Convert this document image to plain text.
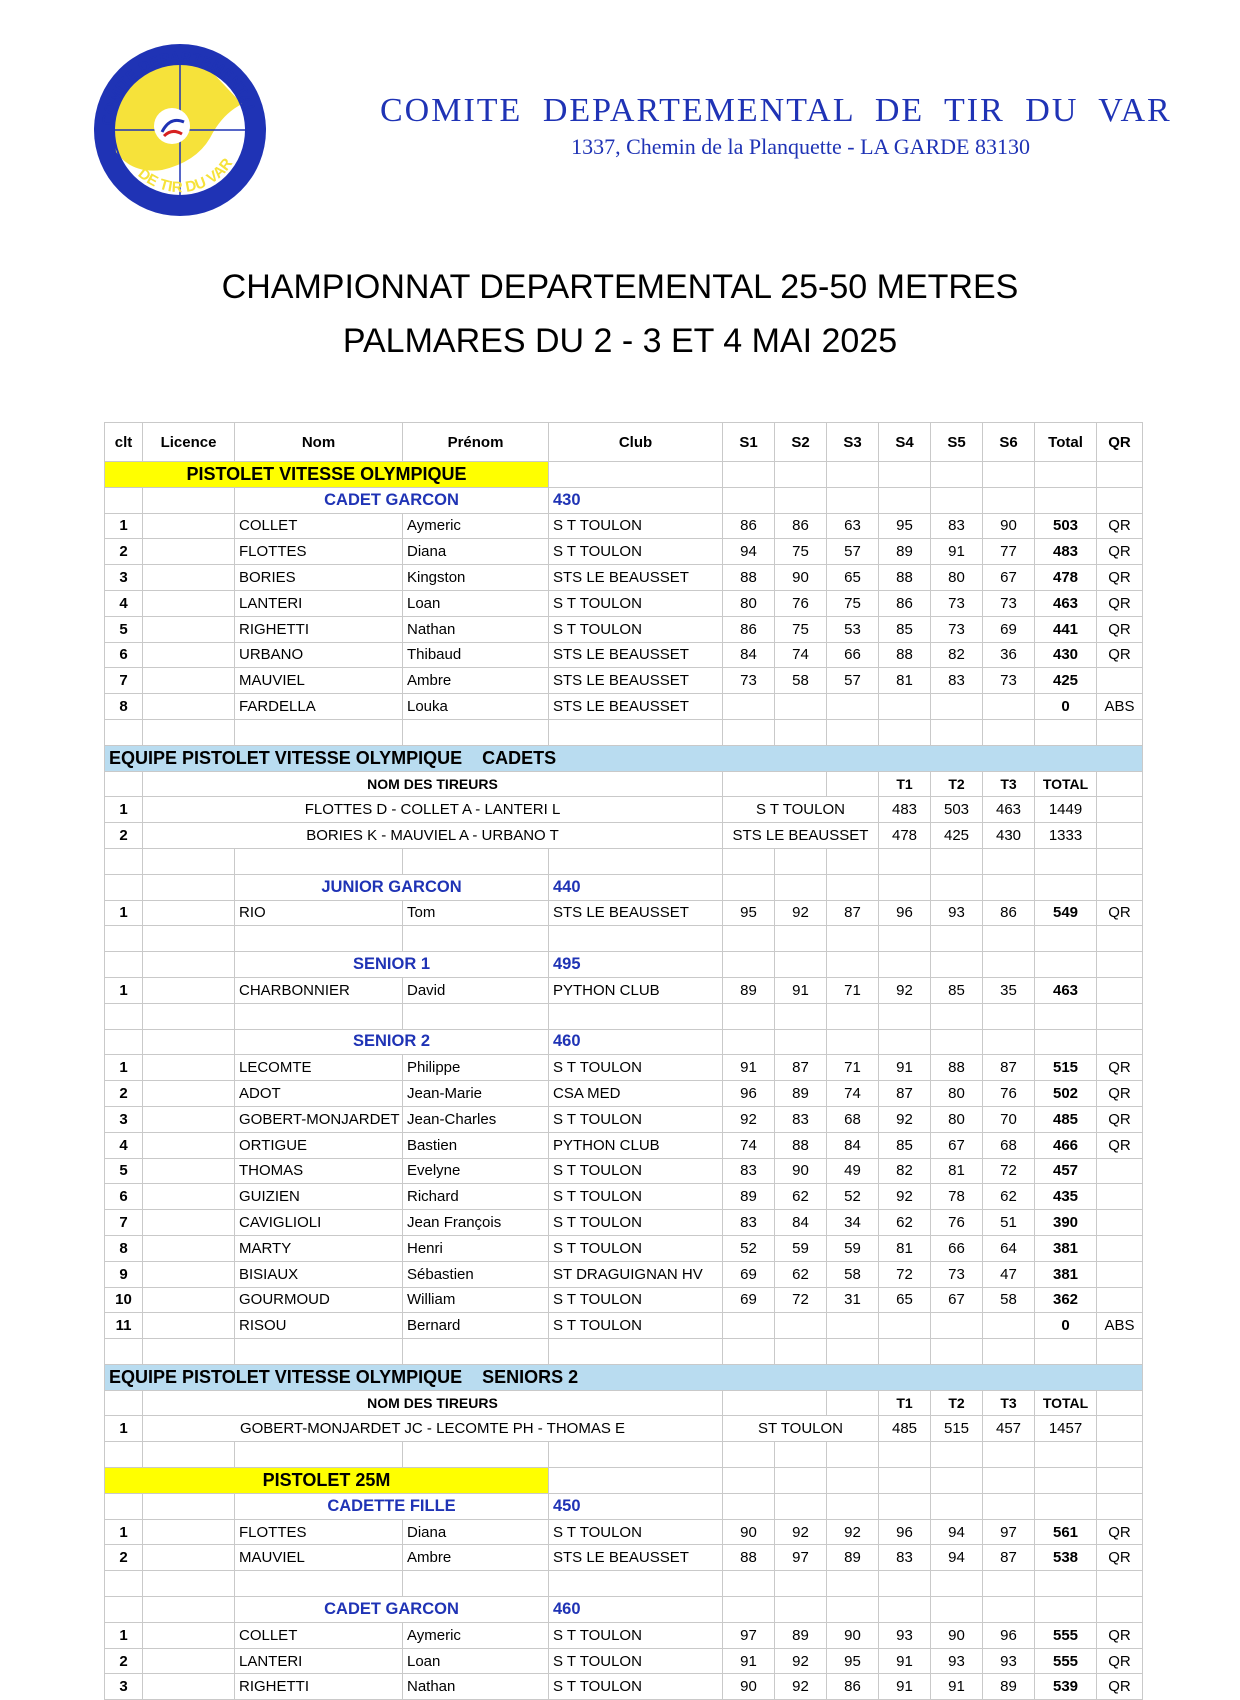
COMITE DEPARTEMENTAL
DE TIR DU VAR
COMITE DEPARTEMENTAL DE TIR DU VAR
1337, Chemin de la Planquette - LA GARDE 83130
CHAMPIONNAT DEPARTEMENTAL 25-50 METRES
PALMARES DU 2 - 3 ET 4 MAI 2025
clt	Licence	Nom	Prénom	Club	S1	S2	S3	S4	S5	S6	Total	QR
PISTOLET VITESSE OLYMPIQUE												
		CADET GARCON		430								
1		COLLET	Aymeric	S T TOULON	86	86	63	95	83	90	503	QR
2		FLOTTES	Diana	S T TOULON	94	75	57	89	91	77	483	QR
3		BORIES	Kingston	STS LE BEAUSSET	88	90	65	88	80	67	478	QR
4		LANTERI	Loan	S T TOULON	80	76	75	86	73	73	463	QR
5		RIGHETTI	Nathan	S T TOULON	86	75	53	85	73	69	441	QR
6		URBANO	Thibaud	STS LE BEAUSSET	84	74	66	88	82	36	430	QR
7		MAUVIEL	Ambre	STS LE BEAUSSET	73	58	57	81	83	73	425	
8		FARDELLA	Louka	STS LE BEAUSSET							0	ABS

EQUIPE PISTOLET VITESSE OLYMPIQUE    CADETS												
	NOM DES TIREURS							T1	T2	T3	TOTAL	
1	FLOTTES D - COLLET A - LANTERI L				S T TOULON			483	503	463	1449	
2	BORIES K - MAUVIEL A - URBANO T				STS LE BEAUSSET			478	425	430	1333	

		JUNIOR GARCON		440								
1		RIO	Tom	STS LE BEAUSSET	95	92	87	96	93	86	549	QR

		SENIOR 1		495								
1		CHARBONNIER	David	PYTHON CLUB	89	91	71	92	85	35	463	

		SENIOR 2		460								
1		LECOMTE	Philippe	S T TOULON	91	87	71	91	88	87	515	QR
2		ADOT	Jean-Marie	CSA MED	96	89	74	87	80	76	502	QR
3		GOBERT-MONJARDET	Jean-Charles	S T TOULON	92	83	68	92	80	70	485	QR
4		ORTIGUE	Bastien	PYTHON CLUB	74	88	84	85	67	68	466	QR
5		THOMAS	Evelyne	S T TOULON	83	90	49	82	81	72	457	
6		GUIZIEN	Richard	S T TOULON	89	62	52	92	78	62	435	
7		CAVIGLIOLI	Jean François	S T TOULON	83	84	34	62	76	51	390	
8		MARTY	Henri	S T TOULON	52	59	59	81	66	64	381	
9		BISIAUX	Sébastien	ST DRAGUIGNAN HV	69	62	58	72	73	47	381	
10		GOURMOUD	William	S T TOULON	69	72	31	65	67	58	362	
11		RISOU	Bernard	S T TOULON							0	ABS

EQUIPE PISTOLET VITESSE OLYMPIQUE    SENIORS 2												
	NOM DES TIREURS							T1	T2	T3	TOTAL	
1	GOBERT-MONJARDET JC - LECOMTE PH - THOMAS E				ST TOULON			485	515	457	1457	

PISTOLET 25M												
		CADETTE FILLE		450								
1		FLOTTES	Diana	S T TOULON	90	92	92	96	94	97	561	QR
2		MAUVIEL	Ambre	STS LE BEAUSSET	88	97	89	83	94	87	538	QR

		CADET GARCON		460								
1		COLLET	Aymeric	S T TOULON	97	89	90	93	90	96	555	QR
2		LANTERI	Loan	S T TOULON	91	92	95	91	93	93	555	QR
3		RIGHETTI	Nathan	S T TOULON	90	92	86	91	91	89	539	QR
